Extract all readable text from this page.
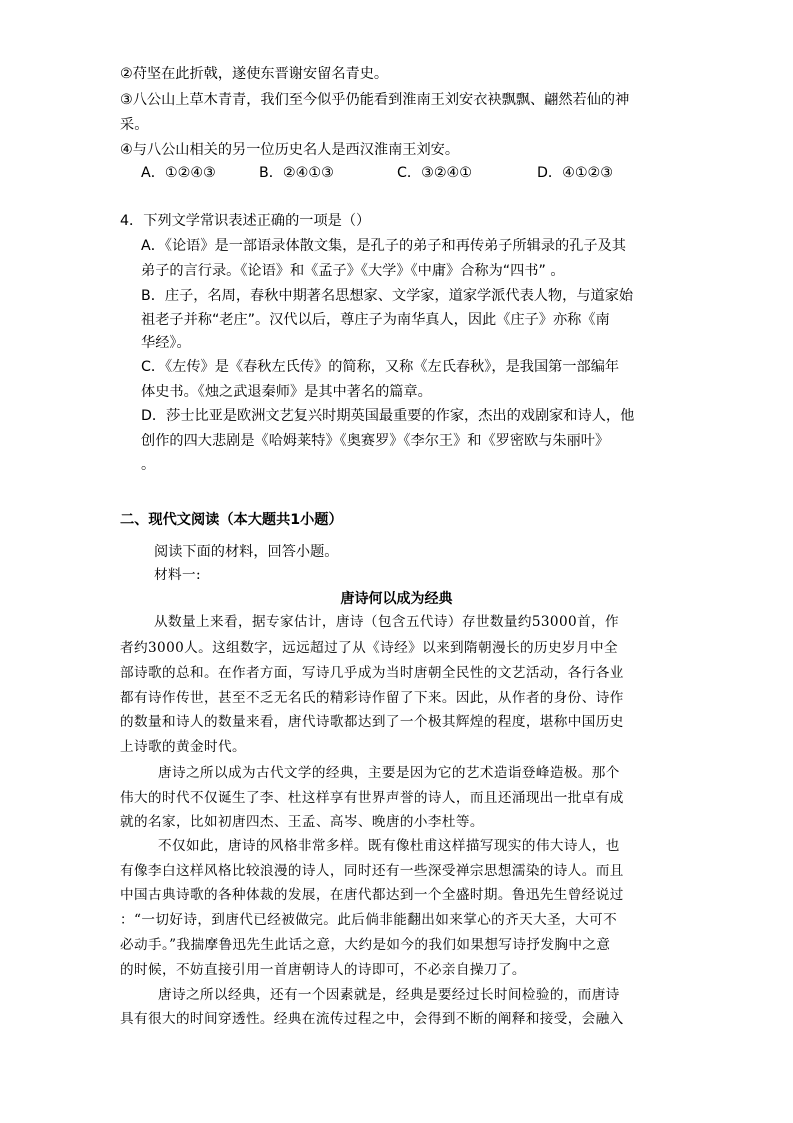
②苻坚在此折戟，遂使东晋谢安留名青史。
③八公山上草木青青，我们至今似乎仍能看到淮南王刘安衣袂飘飘、翩然若仙的神
采。
④与八公山相关的另一位历史名人是西汉淮南王刘安。
A．①②④③	B．②④①③	C．③②④①	D．④①②③
4．下列文学常识表述正确的一项是（）
A．《论语》是一部语录体散文集，是孔子的弟子和再传弟子所辑录的孔子及其
弟子的言行录。《论语》和《孟子》《大学》《中庸》合称为“四书” 。
B．庄子，名周，春秋中期著名思想家、文学家，道家学派代表人物，与道家始
祖老子并称“老庄”。汉代以后，尊庄子为南华真人，因此《庄子》亦称《南
华经》。
C．《左传》是《春秋左氏传》的简称，又称《左氏春秋》，是我国第一部编年
体史书。《烛之武退秦师》是其中著名的篇章。
D．莎士比亚是欧洲文艺复兴时期英国最重要的作家，杰出的戏剧家和诗人，他
创作的四大悲剧是《哈姆莱特》《奥赛罗》《李尔王》和《罗密欧与朱丽叶》
。
二、现代文阅读（本大题共1小题）
阅读下面的材料，回答小题。
材料一:
唐诗何以成为经典
从数量上来看，据专家估计，唐诗（包含五代诗）存世数量约53000首，作
者约3000人。这组数字，远远超过了从《诗经》以来到隋朝漫长的历史岁月中全
部诗歌的总和。在作者方面，写诗几乎成为当时唐朝全民性的文艺活动，各行各业
都有诗作传世，甚至不乏无名氏的精彩诗作留了下来。因此，从作者的身份、诗作
的数量和诗人的数量来看，唐代诗歌都达到了一个极其辉煌的程度，堪称中国历史
上诗歌的黄金时代。
唐诗之所以成为古代文学的经典，主要是因为它的艺术造诣登峰造极。那个
伟大的时代不仅诞生了李、杜这样享有世界声誉的诗人，而且还涌现出一批卓有成
就的名家，比如初唐四杰、王孟、高岑、晚唐的小李杜等。
不仅如此，唐诗的风格非常多样。既有像杜甫这样描写现实的伟大诗人，也
有像李白这样风格比较浪漫的诗人，同时还有一些深受禅宗思想濡染的诗人。而且
中国古典诗歌的各种体裁的发展，在唐代都达到一个全盛时期。鲁迅先生曾经说过
：“一切好诗，到唐代已经被做完。此后倘非能翻出如来掌心的齐天大圣，大可不
必动手。”我揣摩鲁迅先生此话之意，大约是如今的我们如果想写诗抒发胸中之意
的时候，不妨直接引用一首唐朝诗人的诗即可，不必亲自操刀了。
唐诗之所以经典，还有一个因素就是，经典是要经过长时间检验的，而唐诗
具有很大的时间穿透性。经典在流传过程之中，会得到不断的阐释和接受，会融入
